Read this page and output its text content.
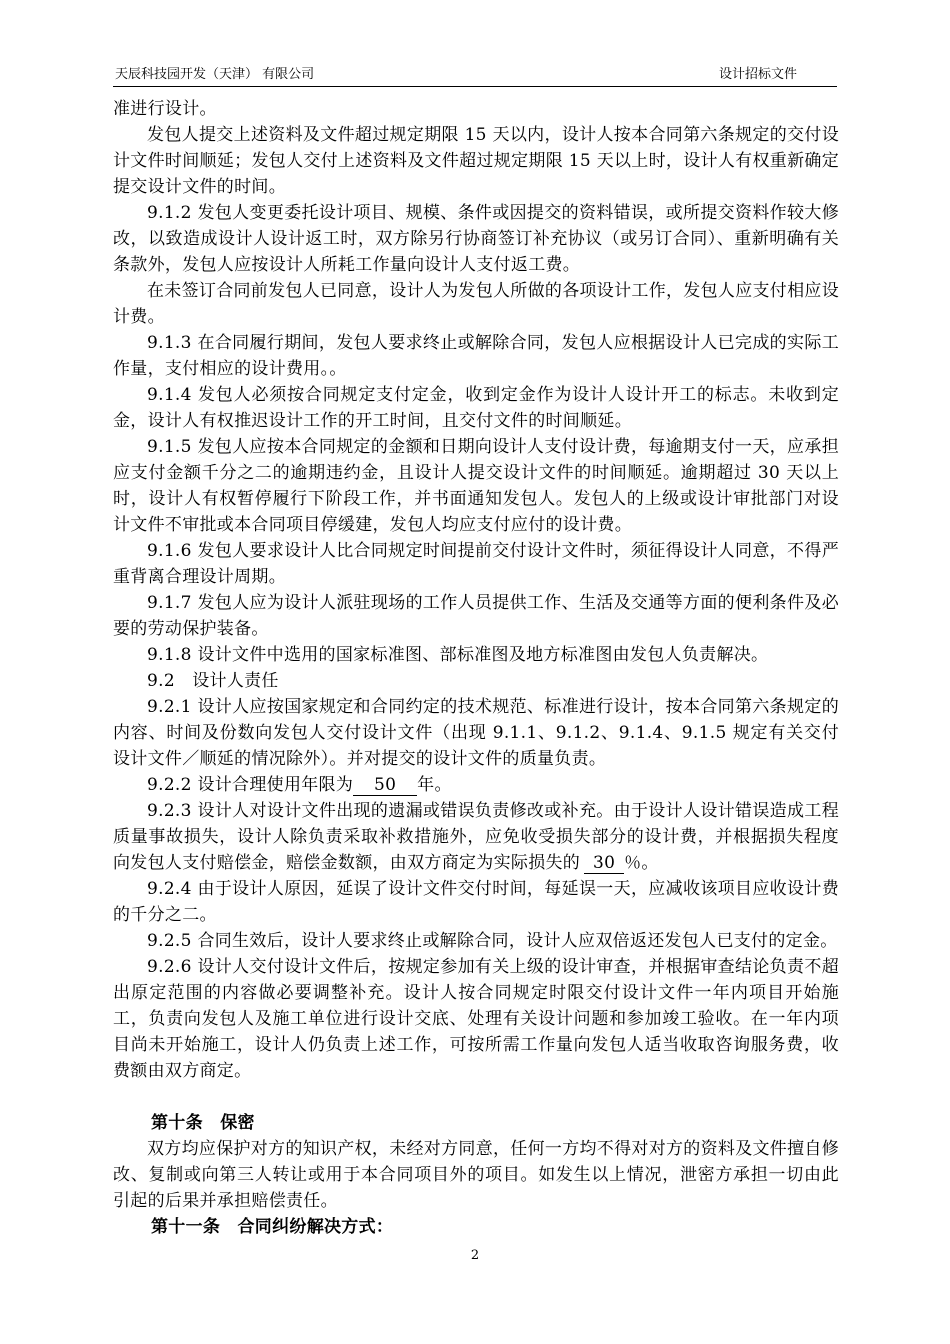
天辰科技园开发（天津） 有限公司	设计招标文件

准进行设计。

发包人提交上述资料及文件超过规定期限 15 天以内，设计人按本合同第六条规定的交付设计文件时间顺延；发包人交付上述资料及文件超过规定期限 15 天以上时，设计人有权重新确定提交设计文件的时间。

9.1.2 发包人变更委托设计项目、规模、条件或因提交的资料错误，或所提交资料作较大修改，以致造成设计人设计返工时，双方除另行协商签订补充协议（或另订合同）、重新明确有关条款外，发包人应按设计人所耗工作量向设计人支付返工费。

在未签订合同前发包人已同意，设计人为发包人所做的各项设计工作，发包人应支付相应设计费。

9.1.3 在合同履行期间，发包人要求终止或解除合同，发包人应根据设计人已完成的实际工作量，支付相应的设计费用。。

9.1.4 发包人必须按合同规定支付定金，收到定金作为设计人设计开工的标志。未收到定金，设计人有权推迟设计工作的开工时间，且交付文件的时间顺延。

9.1.5 发包人应按本合同规定的金额和日期向设计人支付设计费，每逾期支付一天，应承担应支付金额千分之二的逾期违约金，且设计人提交设计文件的时间顺延。逾期超过 30 天以上时，设计人有权暂停履行下阶段工作，并书面通知发包人。发包人的上级或设计审批部门对设计文件不审批或本合同项目停缓建，发包人均应支付应付的设计费。

9.1.6 发包人要求设计人比合同规定时间提前交付设计文件时，须征得设计人同意，不得严重背离合理设计周期。

9.1.7 发包人应为设计人派驻现场的工作人员提供工作、生活及交通等方面的便利条件及必要的劳动保护装备。

9.1.8 设计文件中选用的国家标准图、部标准图及地方标准图由发包人负责解决。

9.2　设计人责任

9.2.1 设计人应按国家规定和合同约定的技术规范、标准进行设计，按本合同第六条规定的内容、时间及份数向发包人交付设计文件（出现 9.1.1、9.1.2、9.1.4、9.1.5 规定有关交付设计文件／顺延的情况除外）。并对提交的设计文件的质量负责。

9.2.2 设计合理使用年限为 50 年。

9.2.3 设计人对设计文件出现的遗漏或错误负责修改或补充。由于设计人设计错误造成工程质量事故损失，设计人除负责采取补救措施外，应免收受损失部分的设计费，并根据损失程度向发包人支付赔偿金，赔偿金数额，由双方商定为实际损失的 30 ％。

9.2.4 由于设计人原因，延误了设计文件交付时间，每延误一天，应减收该项目应收设计费的千分之二。

9.2.5 合同生效后，设计人要求终止或解除合同，设计人应双倍返还发包人已支付的定金。

9.2.6 设计人交付设计文件后，按规定参加有关上级的设计审查，并根据审查结论负责不超出原定范围的内容做必要调整补充。设计人按合同规定时限交付设计文件一年内项目开始施工，负责向发包人及施工单位进行设计交底、处理有关设计问题和参加竣工验收。在一年内项目尚未开始施工，设计人仍负责上述工作，可按所需工作量向发包人适当收取咨询服务费，收费额由双方商定。

第十条　保密

双方均应保护对方的知识产权，未经对方同意，任何一方均不得对对方的资料及文件擅自修改、复制或向第三人转让或用于本合同项目外的项目。如发生以上情况，泄密方承担一切由此引起的后果并承担赔偿责任。

第十一条　合同纠纷解决方式：

2
